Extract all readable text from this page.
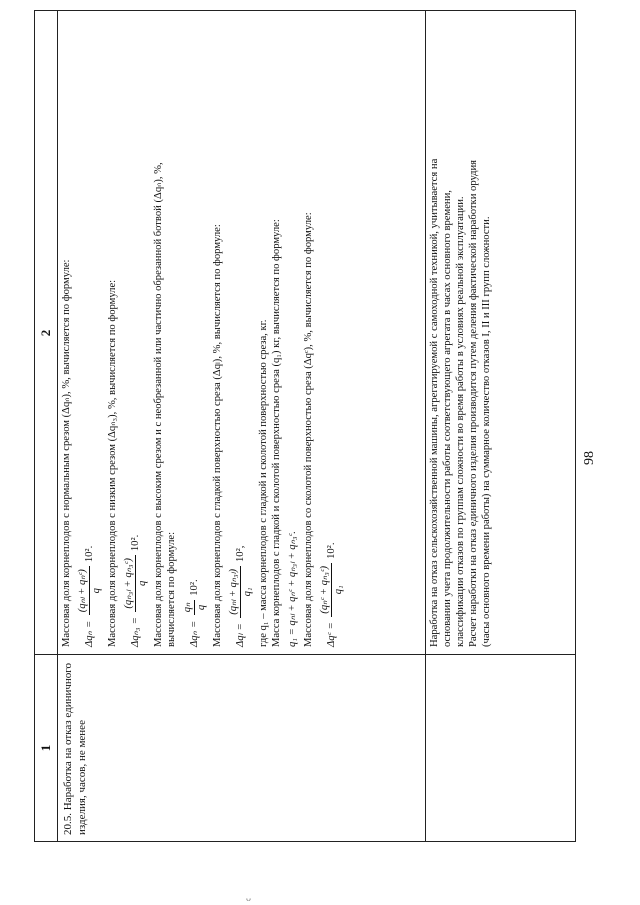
98
1
2
20.5. Наработка на отказ единичного изделия, часов, не менее
Массовая доля корнеплодов с нормальным срезом (Δqₙ), %, вычисляется по формуле: Δqₙ
=
(qₙₗ + qₙᶜ) q
10². Массовая доля корнеплодов с низким срезом (Δqₙ₃), %, вычисляется по формуле: Δqₙ₃
=
(qₙ₃ₗ + qₙ₃ᶜ) q
10². Массовая доля корнеплодов с высоким срезом и с необрезанной или частично обрезанной ботвой (Δqₙ), %, вычисляется по формуле: Δqₙ
=
qₙ q
10². Массовая доля корнеплодов с гладкой поверхностью среза (Δqₗ), %, вычисляется по формуле: Δqₗ
=
(qₙₗ + qₙ₃ₗ) q₁
10², где q₁ – масса корнеплодов с гладкой и сколотой поверхностью среза, кг. Масса корнеплодов с гладкой и сколотой поверхностью среза (q₁) кг, вычисляется по формуле: q₁ = qₙₗ + qₙᶜ + qₙ₃ₗ + qₙ₃ᶜ. Массовая доля корнеплодов со сколотой поверхностью среза (Δqᶜ), %, вычисляется по формуле: Δqᶜ
=
(qₙᶜ + qₙ₃ᶜ) q₁
10².	Наработка на отказ сельскохозяйственной машины, агрегатируемой с самоходной техникой, учитывается на основании учета продолжительности работы соответствующего агрегата в часах основного времени, классификации отказов по группам сложности во время работы в условиях реальной эксплуатации. Расчет наработки на отказ единичного изделия производится путем деления фактической наработки орудия (часы основного времени работы) на суммарное количество отказов I, II и III групп сложности.
ᴗ
